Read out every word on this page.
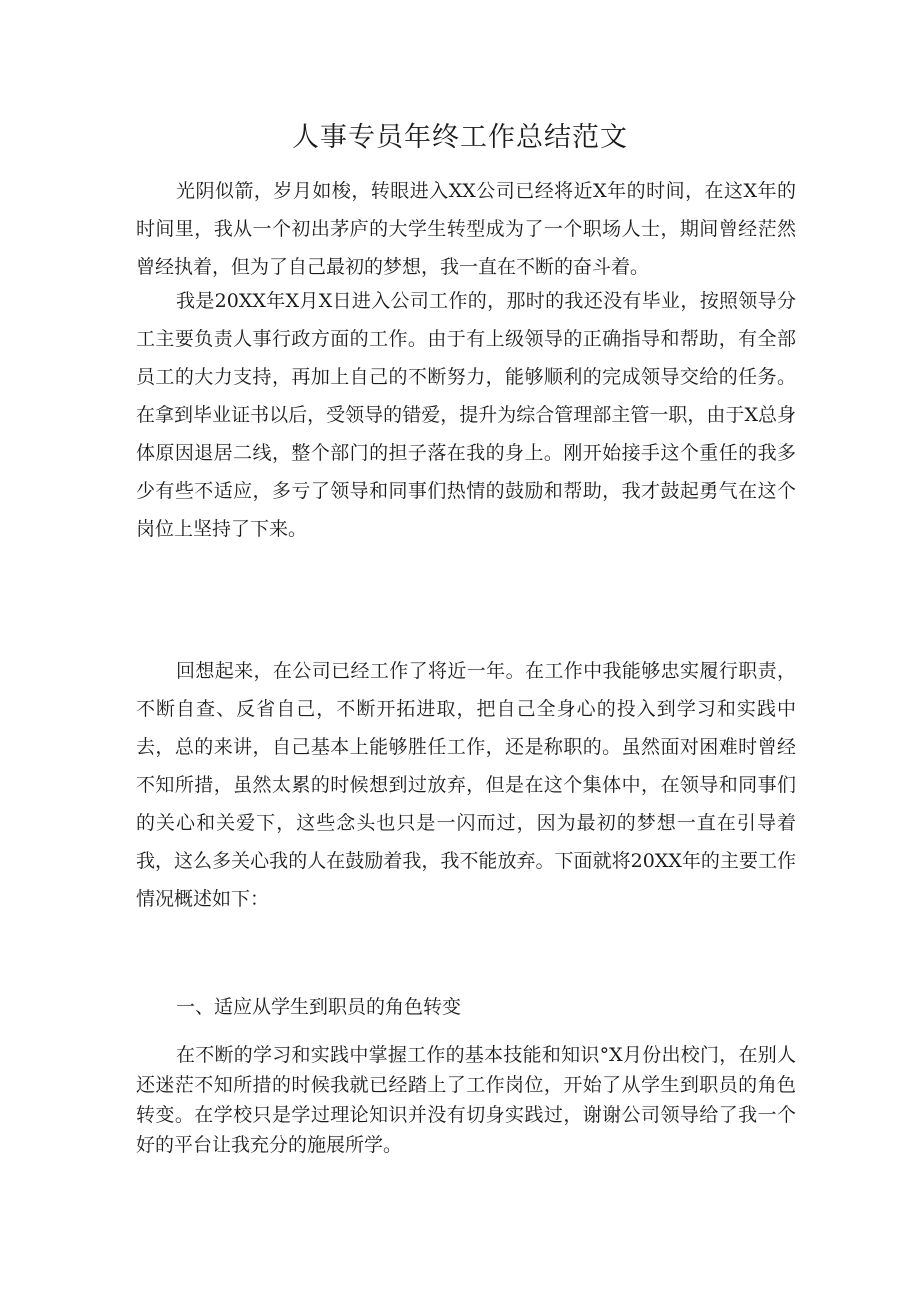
人事专员年终工作总结范文

光阴似箭，岁月如梭，转眼进入XX公司已经将近X年的时间，在这X年的时间里，我从一个初出茅庐的大学生转型成为了一个职场人士，期间曾经茫然曾经执着，但为了自己最初的梦想，我一直在不断的奋斗着。

我是20XX年X月X日进入公司工作的，那时的我还没有毕业，按照领导分工主要负责人事行政方面的工作。由于有上级领导的正确指导和帮助，有全部员工的大力支持，再加上自己的不断努力，能够顺利的完成领导交给的任务。在拿到毕业证书以后，受领导的错爱，提升为综合管理部主管一职，由于X总身体原因退居二线，整个部门的担子落在我的身上。刚开始接手这个重任的我多少有些不适应，多亏了领导和同事们热情的鼓励和帮助，我才鼓起勇气在这个岗位上坚持了下来。

回想起来，在公司已经工作了将近一年。在工作中我能够忠实履行职责，不断自查、反省自己，不断开拓进取，把自己全身心的投入到学习和实践中去，总的来讲，自己基本上能够胜任工作，还是称职的。虽然面对困难时曾经不知所措，虽然太累的时候想到过放弃，但是在这个集体中，在领导和同事们的关心和关爱下，这些念头也只是一闪而过，因为最初的梦想一直在引导着我，这么多关心我的人在鼓励着我，我不能放弃。下面就将20XX年的主要工作情况概述如下：

一、适应从学生到职员的角色转变

在不断的学习和实践中掌握工作的基本技能和知识°X月份出校门，在别人还迷茫不知所措的时候我就已经踏上了工作岗位，开始了从学生到职员的角色转变。在学校只是学过理论知识并没有切身实践过，谢谢公司领导给了我一个好的平台让我充分的施展所学。
